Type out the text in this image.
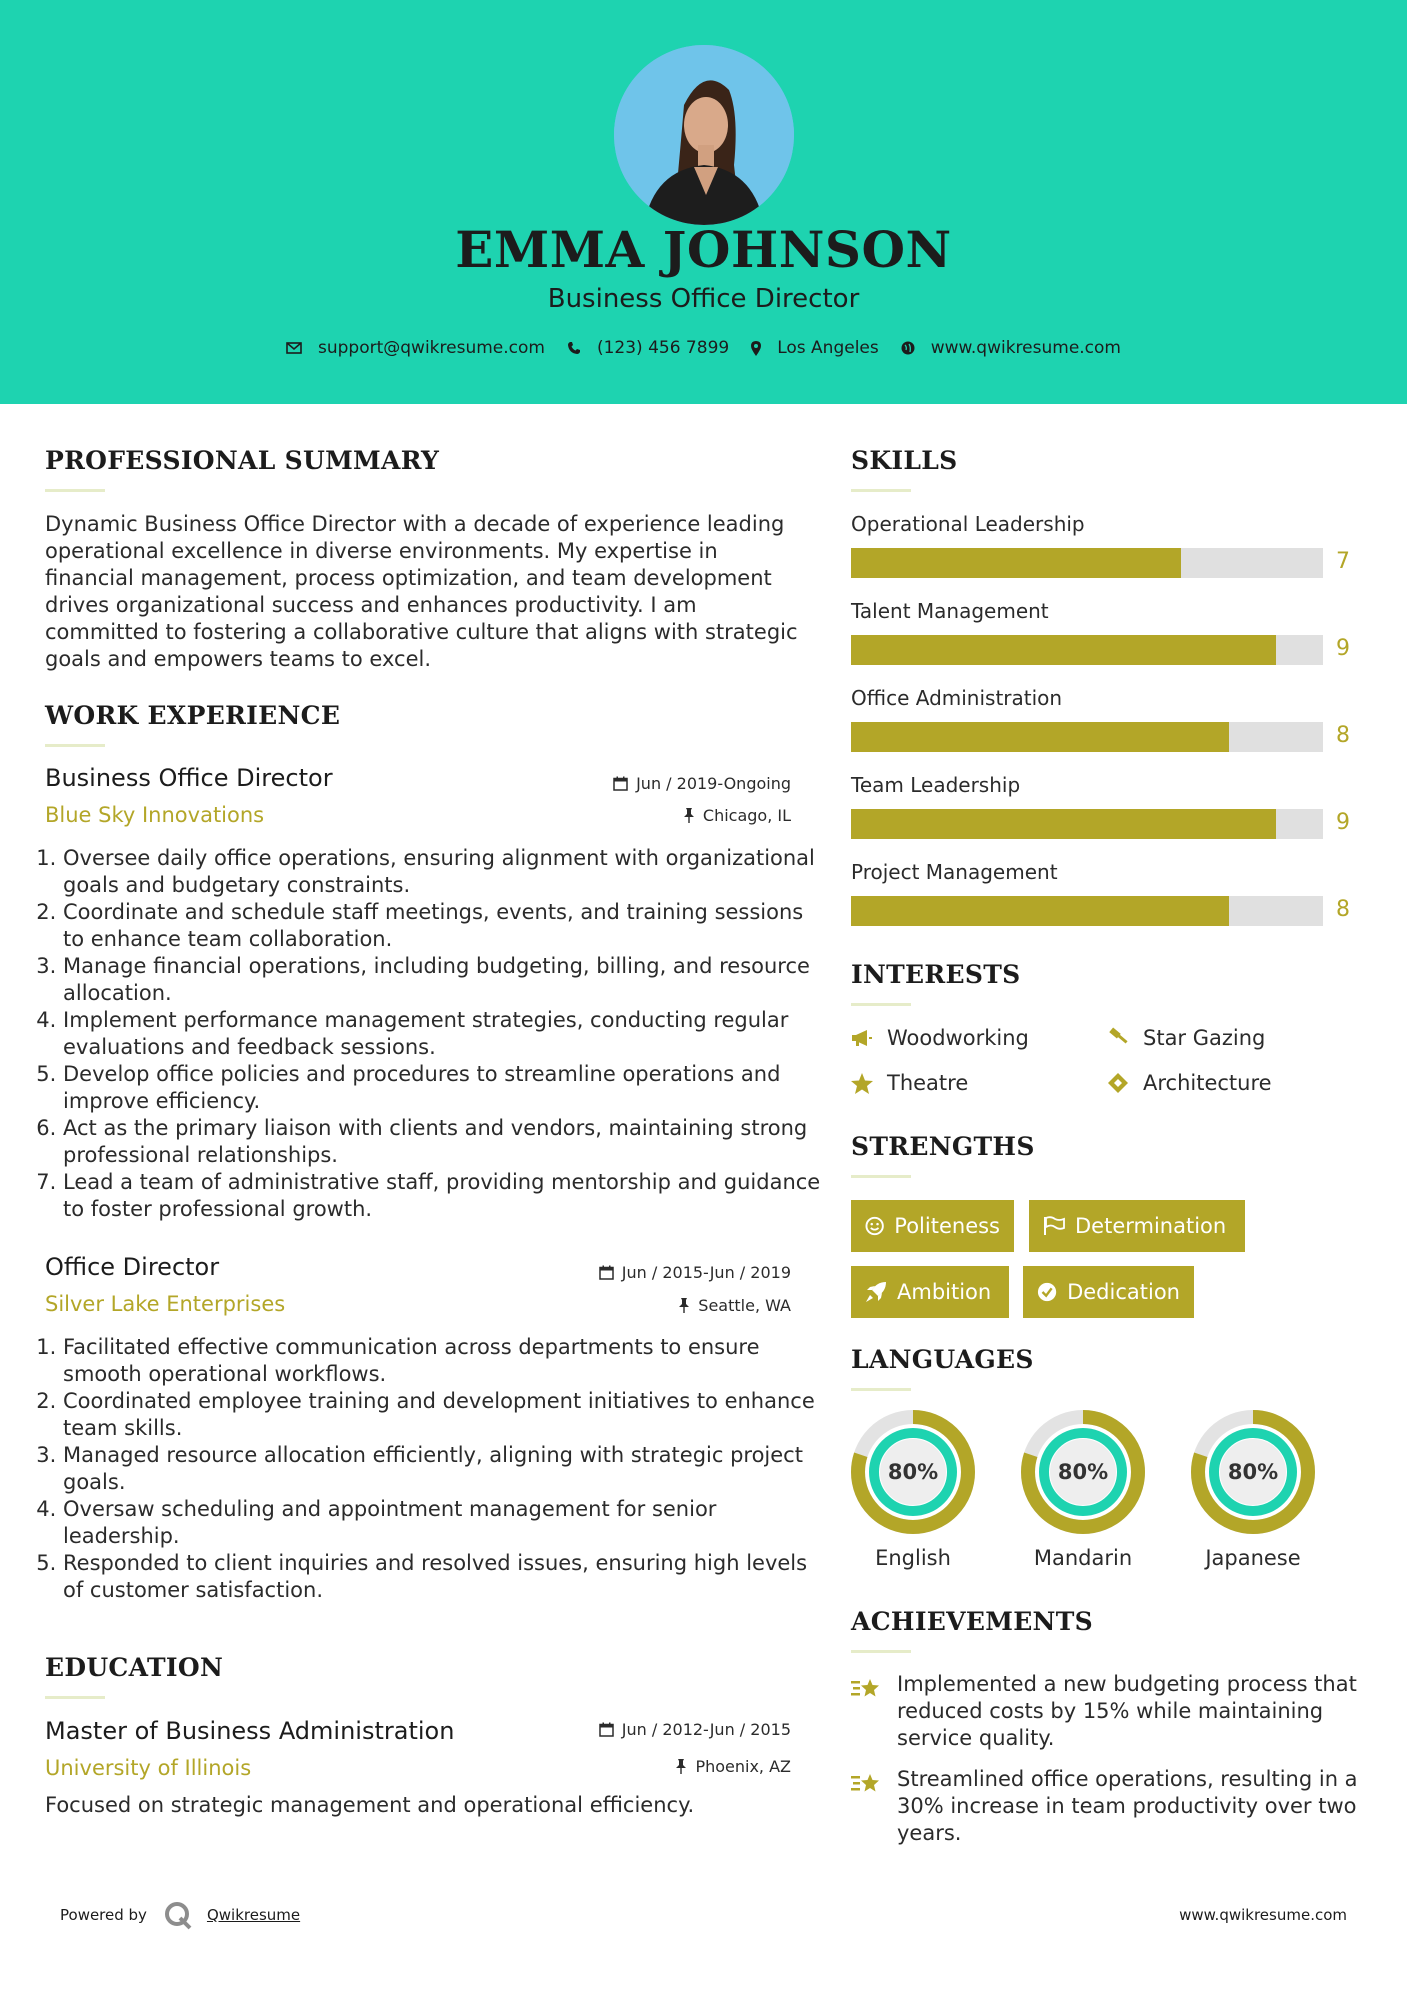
EMMA JOHNSON
Business Office Director
support@qwikresume.com	(123) 456 7899	Los Angeles	www.qwikresume.com
PROFESSIONAL SUMMARY
Dynamic Business Office Director with a decade of experience leading operational excellence in diverse environments. My expertise in financial management, process optimization, and team development drives organizational success and enhances productivity. I am committed to fostering a collaborative culture that aligns with strategic goals and empowers teams to excel.
WORK EXPERIENCE
Business Office Director	Jun / 2019-Ongoing
Blue Sky Innovations	Chicago, IL
1. Oversee daily office operations, ensuring alignment with organizational goals and budgetary constraints.
2. Coordinate and schedule staff meetings, events, and training sessions to enhance team collaboration.
3. Manage financial operations, including budgeting, billing, and resource allocation.
4. Implement performance management strategies, conducting regular evaluations and feedback sessions.
5. Develop office policies and procedures to streamline operations and improve efficiency.
6. Act as the primary liaison with clients and vendors, maintaining strong professional relationships.
7. Lead a team of administrative staff, providing mentorship and guidance to foster professional growth.
Office Director	Jun / 2015-Jun / 2019
Silver Lake Enterprises	Seattle, WA
1. Facilitated effective communication across departments to ensure smooth operational workflows.
2. Coordinated employee training and development initiatives to enhance team skills.
3. Managed resource allocation efficiently, aligning with strategic project goals.
4. Oversaw scheduling and appointment management for senior leadership.
5. Responded to client inquiries and resolved issues, ensuring high levels of customer satisfaction.
EDUCATION
Master of Business Administration	Jun / 2012-Jun / 2015
University of Illinois	Phoenix, AZ
Focused on strategic management and operational efficiency.
SKILLS
Operational Leadership
7
Talent Management
9
Office Administration
8
Team Leadership
9
Project Management
8
INTERESTS
Woodworking	Star Gazing
Theatre	Architecture
STRENGTHS
Politeness	Determination
Ambition	Dedication
LANGUAGES
80%
English
80%
Mandarin
80%
Japanese
ACHIEVEMENTS
Implemented a new budgeting process that reduced costs by 15% while maintaining service quality.
Streamlined office operations, resulting in a 30% increase in team productivity over two years.
Powered by	Qwikresume	www.qwikresume.com
